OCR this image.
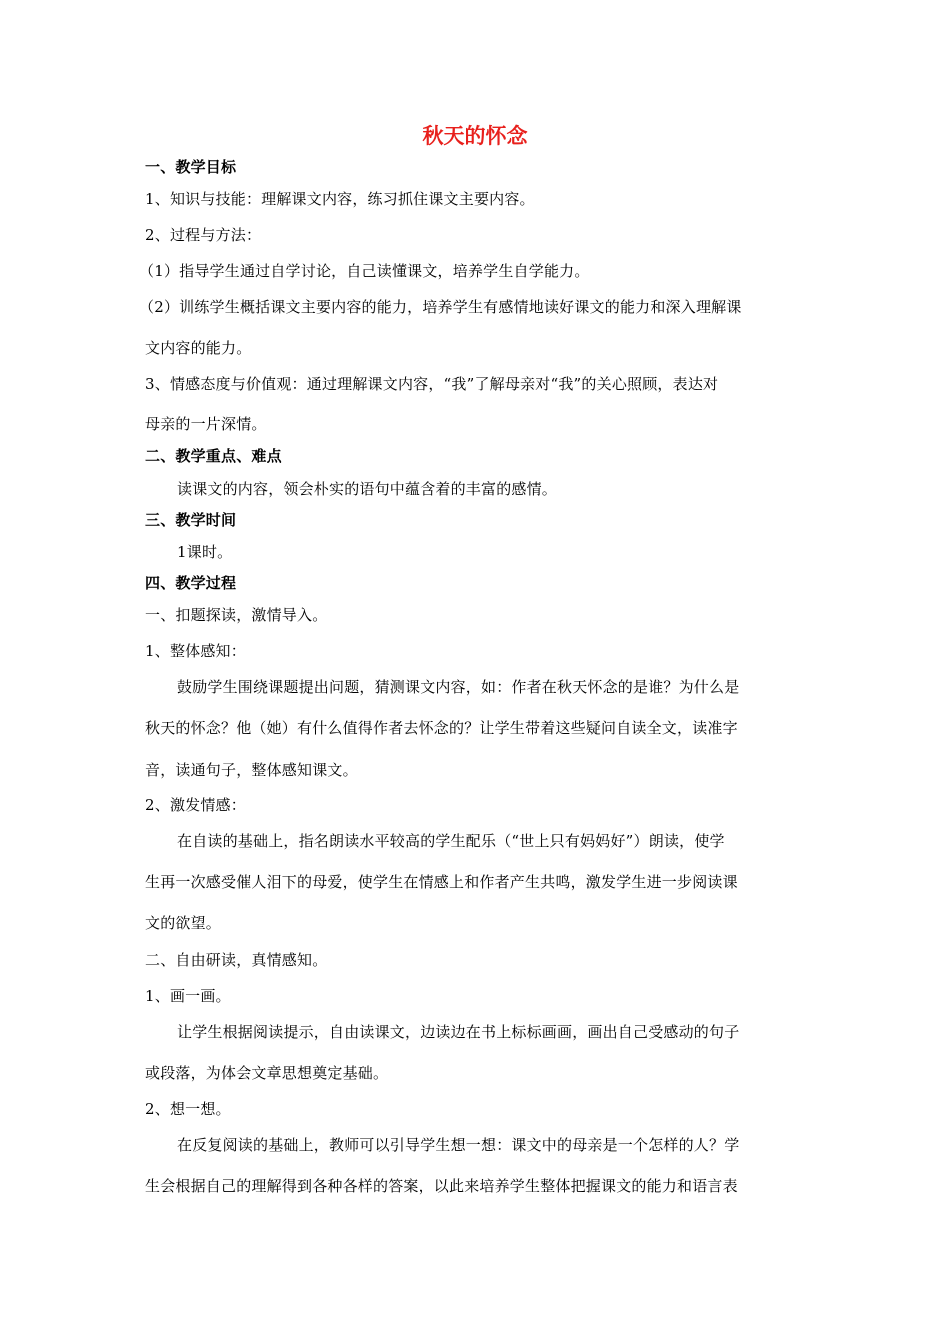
秋天的怀念
一、教学目标
1、知识与技能：理解课文内容，练习抓住课文主要内容。
2、过程与方法：
（1）指导学生通过自学讨论，自己读懂课文，培养学生自学能力。
（2）训练学生概括课文主要内容的能力，培养学生有感情地读好课文的能力和深入理解课
文内容的能力。
3、情感态度与价值观：通过理解课文内容，“我”了解母亲对“我”的关心照顾，表达对
母亲的一片深情。
二、教学重点、难点
读课文的内容，领会朴实的语句中蕴含着的丰富的感情。
三、教学时间
1课时。
四、教学过程
一、扣题探读，激情导入。
1、整体感知：
鼓励学生围绕课题提出问题，猜测课文内容，如：作者在秋天怀念的是谁？为什么是
秋天的怀念？他（她）有什么值得作者去怀念的？让学生带着这些疑问自读全文，读准字
音，读通句子，整体感知课文。
2、激发情感：
在自读的基础上，指名朗读水平较高的学生配乐（“世上只有妈妈好”）朗读，使学
生再一次感受催人泪下的母爱，使学生在情感上和作者产生共鸣，激发学生进一步阅读课
文的欲望。
二、自由研读，真情感知。
1、画一画。
让学生根据阅读提示，自由读课文，边读边在书上标标画画，画出自己受感动的句子
或段落，为体会文章思想奠定基础。
2、想一想。
在反复阅读的基础上，教师可以引导学生想一想：课文中的母亲是一个怎样的人？学
生会根据自己的理解得到各种各样的答案，以此来培养学生整体把握课文的能力和语言表
